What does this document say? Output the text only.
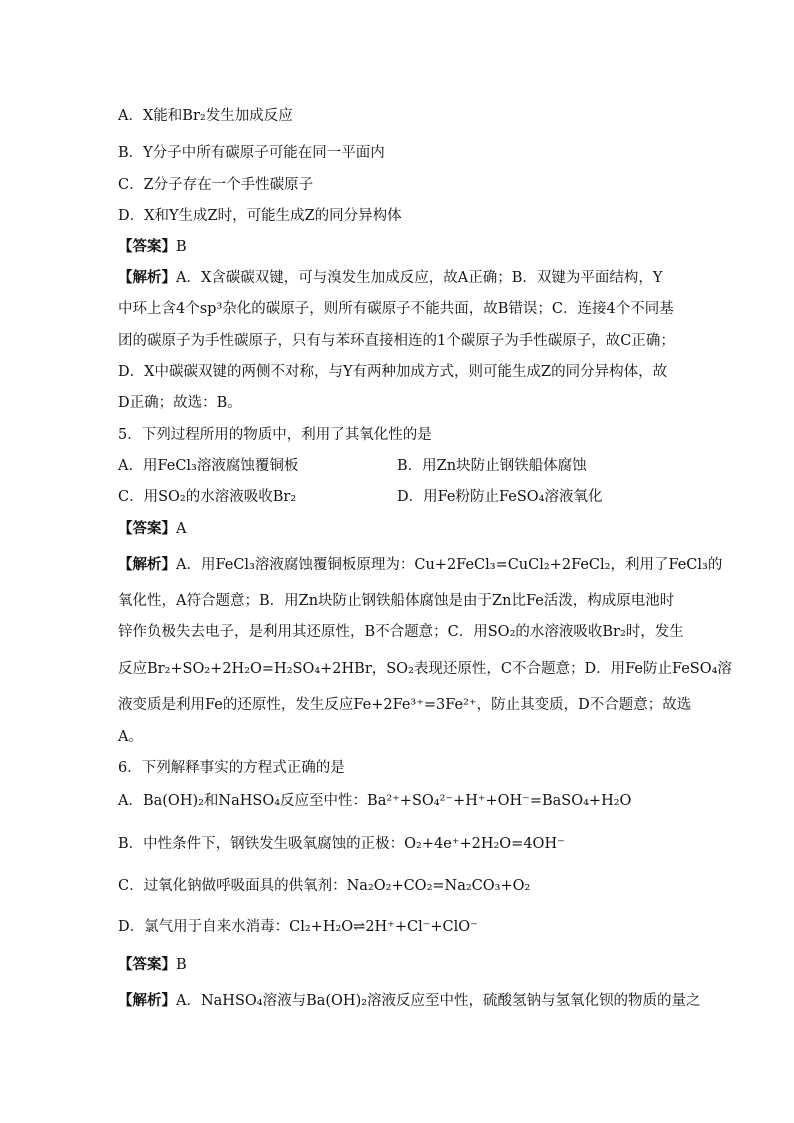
A．X能和Br₂发生加成反应
B．Y分子中所有碳原子可能在同一平面内
C．Z分子存在一个手性碳原子
D．X和Y生成Z时，可能生成Z的同分异构体
【答案】B
【解析】A．X含碳碳双键，可与溴发生加成反应，故A正确；B．双键为平面结构，Y
中环上含4个sp³杂化的碳原子，则所有碳原子不能共面，故B错误；C．连接4个不同基
团的碳原子为手性碳原子，只有与苯环直接相连的1个碳原子为手性碳原子，故C正确；
D．X中碳碳双键的两侧不对称，与Y有两种加成方式，则可能生成Z的同分异构体，故
D正确；故选：B。
5．下列过程所用的物质中，利用了其氧化性的是
A．用FeCl₃溶液腐蚀覆铜板	B．用Zn块防止钢铁船体腐蚀
C．用SO₂的水溶液吸收Br₂	D．用Fe粉防止FeSO₄溶液氧化
【答案】A
【解析】A．用FeCl₃溶液腐蚀覆铜板原理为：Cu+2FeCl₃=CuCl₂+2FeCl₂，利用了FeCl₃的
氧化性，A符合题意；B．用Zn块防止钢铁船体腐蚀是由于Zn比Fe活泼，构成原电池时
锌作负极失去电子，是利用其还原性，B不合题意；C．用SO₂的水溶液吸收Br₂时，发生
反应Br₂+SO₂+2H₂O=H₂SO₄+2HBr，SO₂表现还原性，C不合题意；D．用Fe防止FeSO₄溶
液变质是利用Fe的还原性，发生反应Fe+2Fe³⁺=3Fe²⁺，防止其变质，D不合题意；故选
A。
6．下列解释事实的方程式正确的是
A．Ba(OH)₂和NaHSO₄反应至中性：Ba²⁺+SO₄²⁻+H⁺+OH⁻=BaSO₄+H₂O
B．中性条件下，钢铁发生吸氧腐蚀的正极：O₂+4e⁺+2H₂O=4OH⁻
C．过氧化钠做呼吸面具的供氧剂：Na₂O₂+CO₂=Na₂CO₃+O₂
D．氯气用于自来水消毒：Cl₂+H₂O⇌2H⁺+Cl⁻+ClO⁻
【答案】B
【解析】A．NaHSO₄溶液与Ba(OH)₂溶液反应至中性，硫酸氢钠与氢氧化钡的物质的量之
